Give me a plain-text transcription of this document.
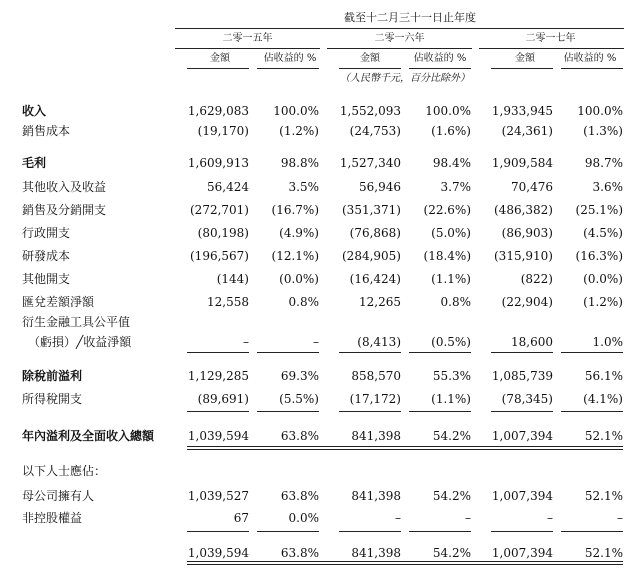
截至十二月三十一日止年度
二零一五年	二零一六年	二零一七年
金額	佔收益的 %	金額	佔收益的 %	金額	佔收益的 %
（人民幣千元，百分比除外）
收入	1,629,083	100.0%	1,552,093	100.0%	1,933,945	100.0%
銷售成本	(19,170)	(1.2%)	(24,753)	(1.6%)	(24,361)	(1.3%)
毛利	1,609,913	98.8%	1,527,340	98.4%	1,909,584	98.7%
其他收入及收益	56,424	3.5%	56,946	3.7%	70,476	3.6%
銷售及分銷開支	(272,701)	(16.7%)	(351,371)	(22.6%)	(486,382)	(25.1%)
行政開支	(80,198)	(4.9%)	(76,868)	(5.0%)	(86,903)	(4.5%)
研發成本	(196,567)	(12.1%)	(284,905)	(18.4%)	(315,910)	(16.3%)
其他開支	(144)	(0.0%)	(16,424)	(1.1%)	(822)	(0.0%)
匯兌差額淨額	12,558	0.8%	12,265	0.8%	(22,904)	(1.2%)
衍生金融工具公平值
（虧損）╱收益淨額	–	–	(8,413)	(0.5%)	18,600	1.0%
除稅前溢利	1,129,285	69.3%	858,570	55.3%	1,085,739	56.1%
所得稅開支	(89,691)	(5.5%)	(17,172)	(1.1%)	(78,345)	(4.1%)
年內溢利及全面收入總額	1,039,594	63.8%	841,398	54.2%	1,007,394	52.1%
以下人士應佔：
母公司擁有人	1,039,527	63.8%	841,398	54.2%	1,007,394	52.1%
非控股權益	67	0.0%	–	–	–	–
1,039,594	63.8%	841,398	54.2%	1,007,394	52.1%
